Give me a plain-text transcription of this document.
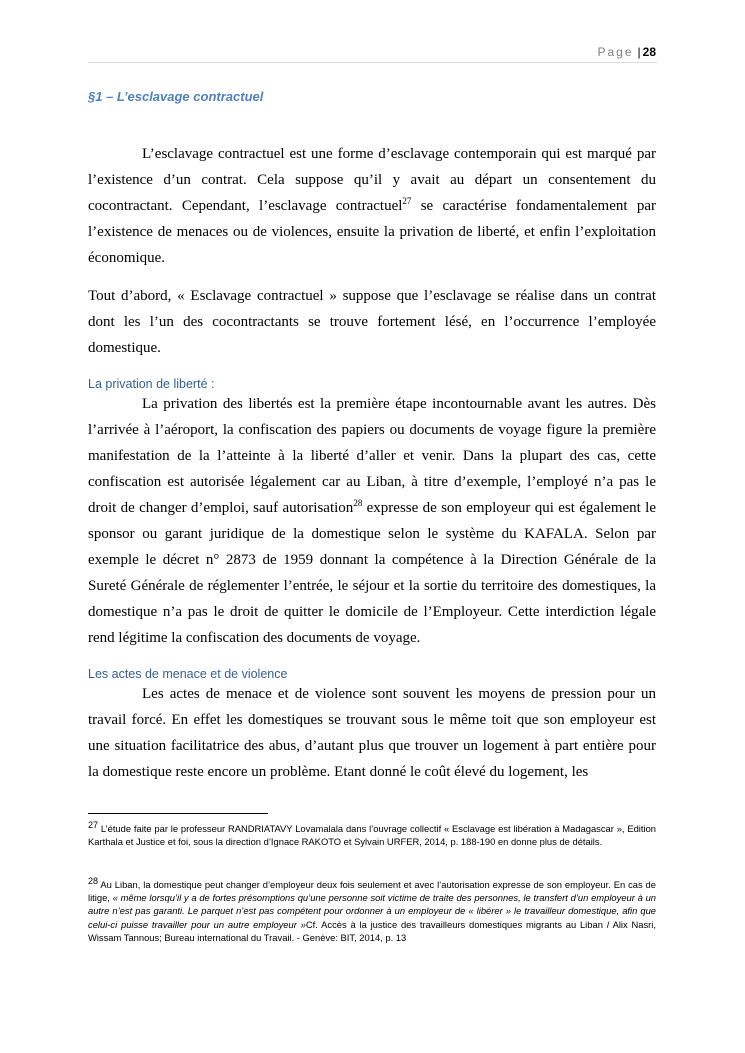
Page | 28
§1 – L’esclavage contractuel

L’esclavage contractuel est une forme d’esclavage contemporain qui est marqué par l’existence d’un contrat. Cela suppose qu’il y avait au départ un consentement du cocontractant. Cependant, l’esclavage contractuel$^{27}$ se caractérise fondamentalement par l’existence de menaces ou de violences, ensuite la privation de liberté, et enfin l’exploitation économique.

Tout d’abord, « Esclavage contractuel » suppose que l’esclavage se réalise dans un contrat dont les l’un des cocontractants se trouve fortement lésé, en l’occurrence l’employée domestique.

La privation de liberté :

La privation des libertés est la première étape incontournable avant les autres. Dès l’arrivée à l’aéroport, la confiscation des papiers ou documents de voyage figure la première manifestation de la l’atteinte à la liberté d’aller et venir. Dans la plupart des cas, cette confiscation est autorisée légalement car au Liban, à titre d’exemple, l’employé n’a pas le droit de changer d’emploi, sauf autorisation$^{28}$ expresse de son employeur qui est également le sponsor ou garant juridique de la domestique selon le système du KAFALA. Selon par exemple le décret n° 2873 de 1959 donnant la compétence à la Direction Générale de la Sureté Générale de réglementer l’entrée, le séjour et la sortie du territoire des domestiques, la domestique n’a pas le droit de quitter le domicile de l’Employeur. Cette interdiction légale rend légitime la confiscation des documents de voyage.

Les actes de menace et de violence

Les actes de menace et de violence sont souvent les moyens de pression pour un travail forcé. En effet les domestiques se trouvant sous le même toit que son employeur est une situation facilitatrice des abus, d’autant plus que trouver un logement à part entière pour la domestique reste encore un problème. Etant donné le coût élevé du logement, les

$^{27}$ L’étude faite par le professeur RANDRIATAVY Lovamalala dans l’ouvrage collectif « Esclavage est libération à Madagascar », Edition Karthala et Justice et foi, sous la direction d’Ignace RAKOTO et Sylvain URFER, 2014, p. 188-190 en donne plus de détails.

$^{28}$ Au Liban, la domestique peut changer d’employeur deux fois seulement et avec l’autorisation expresse de son employeur. En cas de litige, « même lorsqu’il y a de fortes présomptions qu’une personne soit victime de traite des personnes, le transfert d’un employeur à un autre n’est pas garanti. Le parquet n’est pas compétent pour ordonner à un employeur de « libérer » le travailleur domestique, afin que celui-ci puisse travailler pour un autre employeur »Cf. Accès à la justice des travailleurs domestiques migrants au Liban / Alix Nasri, Wissam Tannous; Bureau international du Travail. - Genève: BIT, 2014, p. 13
